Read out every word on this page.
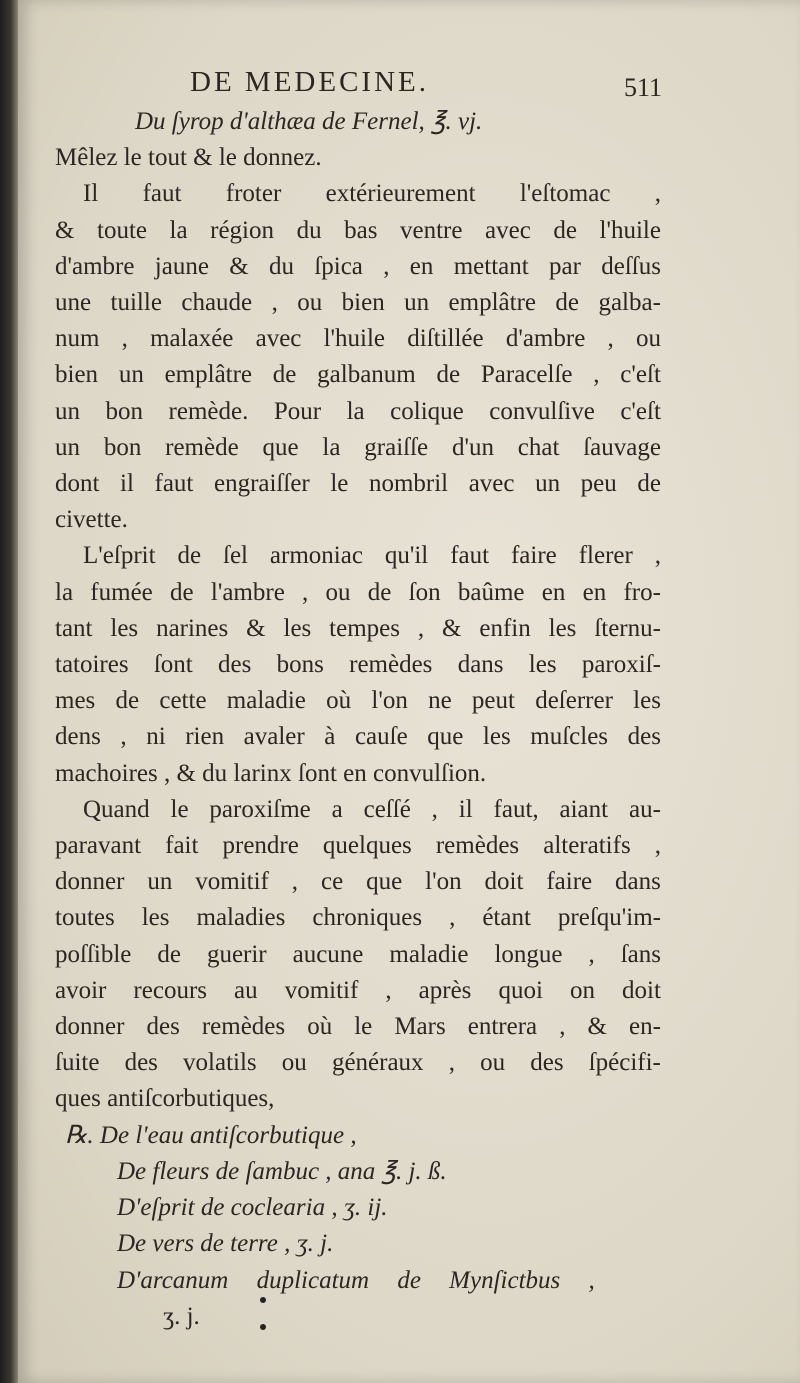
DE MEDECINE.	511
Du ſyrop d'althæa de Fernel, ℥. vj.
Mêlez le tout & le donnez.
Il faut froter extérieurement l'eſtomac ,
& toute la région du bas ventre avec de l'huile
d'ambre jaune & du ſpica , en mettant par deſſus
une tuille chaude , ou bien un emplâtre de galba-
num , malaxée avec l'huile diſtillée d'ambre , ou
bien un emplâtre de galbanum de Paracelſe , c'eſt
un bon remède. Pour la colique convulſive c'eſt
un bon remède que la graiſſe d'un chat ſauvage
dont il faut engraiſſer le nombril avec un peu de
civette.
L'eſprit de ſel armoniac qu'il faut faire flerer ,
la fumée de l'ambre , ou de ſon baûme en en fro-
tant les narines & les tempes , & enfin les ſternu-
tatoires ſont des bons remèdes dans les paroxiſ-
mes de cette maladie où l'on ne peut deſerrer les
dens , ni rien avaler à cauſe que les muſcles des
machoires , & du larinx ſont en convulſion.
Quand le paroxiſme a ceſſé , il faut, aiant au-
paravant fait prendre quelques remèdes alteratifs ,
donner un vomitif , ce que l'on doit faire dans
toutes les maladies chroniques , étant preſqu'im-
poſſible de guerir aucune maladie longue , ſans
avoir recours au vomitif , après quoi on doit
donner des remèdes où le Mars entrera , & en-
ſuite des volatils ou généraux , ou des ſpécifi-
ques antiſcorbutiques,
℞. De l'eau antiſcorbutique ,
De fleurs de ſambuc , ana ℥. j. ß.
D'eſprit de coclearia , ʒ. ij.
De vers de terre , ʒ. j.
D'arcanum duplicatum de Mynſictbus ,
ʒ. j.
